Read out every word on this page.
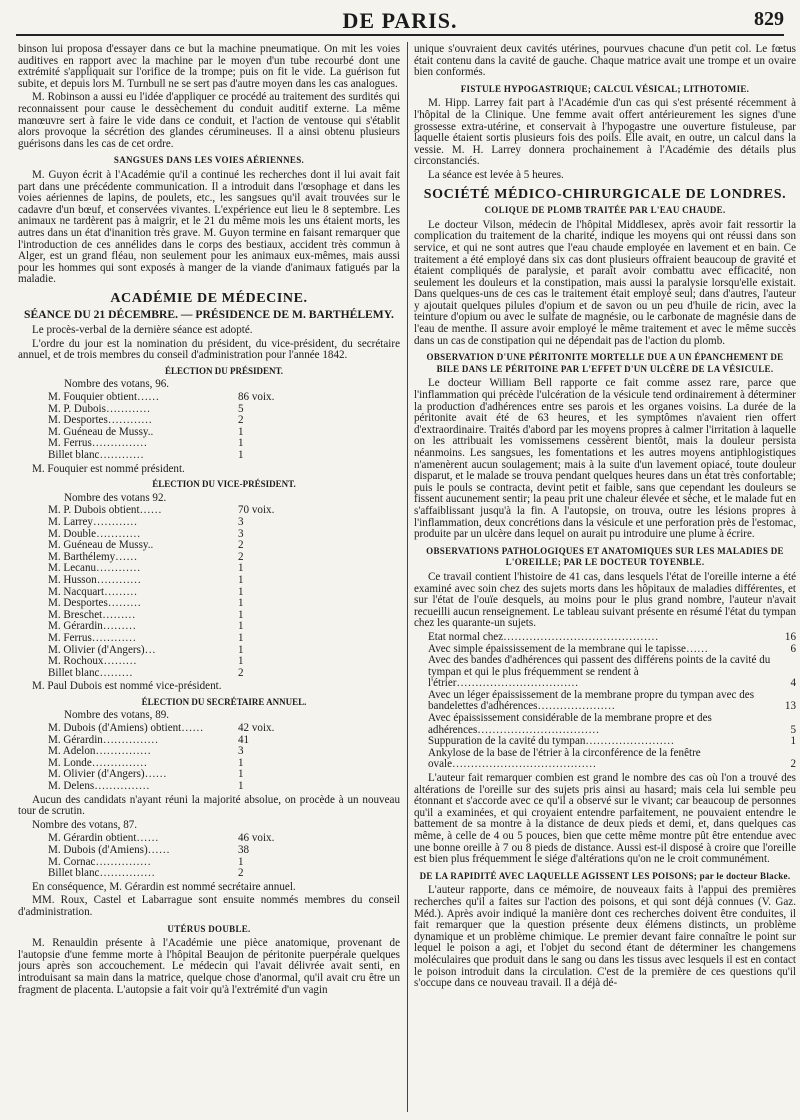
DE PARIS.	829

binson lui proposa d'essayer dans ce but la machine pneumatique. On mit les voies auditives en rapport avec la machine par le moyen d'un tube recourbé dont une extrémité s'appliquait sur l'orifice de la trompe; puis on fit le vide. La guérison fut subite, et depuis lors M. Turnbull ne se sert pas d'autre moyen dans les cas analogues.

M. Robinson a aussi eu l'idée d'appliquer ce procédé au traitement des surdités qui reconnaissent pour cause le dessèchement du conduit auditif externe. La même manœuvre sert à faire le vide dans ce conduit, et l'action de ventouse qui s'établit alors provoque la sécrétion des glandes cérumineuses. Il a ainsi obtenu plusieurs guérisons dans les cas de cet ordre.

SANGSUES DANS LES VOIES AÉRIENNES.

M. Guyon écrit à l'Académie qu'il a continué les recherches dont il lui avait fait part dans une précédente communication. Il a introduit dans l'œsophage et dans les voies aériennes de lapins, de poulets, etc., les sangsues qu'il avait trouvées sur le cadavre d'un bœuf, et conservées vivantes. L'expérience eut lieu le 8 septembre. Les animaux ne tardèrent pas à maigrir, et le 21 du même mois les uns étaient morts, les autres dans un état d'inanition très grave. M. Guyon termine en faisant remarquer que l'introduction de ces annélides dans le corps des bestiaux, accident très commun à Alger, est un grand fléau, non seulement pour les animaux eux-mêmes, mais aussi pour les hommes qui sont exposés à manger de la viande d'animaux fatigués par la maladie.

ACADÉMIE DE MÉDECINE.
SÉANCE DU 21 DÉCEMBRE. — PRÉSIDENCE DE M. BARTHÉLEMY.

Le procès-verbal de la dernière séance est adopté.

L'ordre du jour est la nomination du président, du vice-président, du secrétaire annuel, et de trois membres du conseil d'administration pour l'année 1842.

ÉLECTION DU PRÉSIDENT.
Nombre des votans, 96.
M. Fouquier obtient……	86 voix.
M. P. Dubois…………	5
M. Desportes…………	2
M. Guéneau de Mussy..	1
M. Ferrus……………	1
Billet blanc…………	1

M. Fouquier est nommé président.

ÉLECTION DU VICE-PRÉSIDENT.
Nombre des votans 92.
M. P. Dubois obtient……	70 voix.
M. Larrey…………	3
M. Double…………	3
M. Guéneau de Mussy..	2
M. Barthélemy……	2
M. Lecanu…………	1
M. Husson…………	1
M. Nacquart………	1
M. Desportes………	1
M. Breschet………	1
M. Gérardin………	1
M. Ferrus…………	1
M. Olivier (d'Angers)…	1
M. Rochoux………	1
Billet blanc………	2

M. Paul Dubois est nommé vice-président.

ÉLECTION DU SECRÉTAIRE ANNUEL.
Nombre des votans, 89.
M. Dubois (d'Amiens) obtient……	42 voix.
M. Gérardin……………	41
M. Adelon……………	3
M. Londe……………	1
M. Olivier (d'Angers)……	1
M. Delens……………	1

Aucun des candidats n'ayant réuni la majorité absolue, on procède à un nouveau tour de scrutin.

Nombre des votans, 87.

M. Gérardin obtient……	46 voix.
M. Dubois (d'Amiens)……	38
M. Cornac……………	1
Billet blanc……………	2

En conséquence, M. Gérardin est nommé secrétaire annuel.

MM. Roux, Castel et Labarrague sont ensuite nommés membres du conseil d'administration.

UTÉRUS DOUBLE.

M. Renauldin présente à l'Académie une pièce anatomique, provenant de l'autopsie d'une femme morte à l'hôpital Beaujon de péritonite puerpérale quelques jours après son accouchement. Le médecin qui l'avait délivrée avait senti, en introduisant sa main dans la matrice, quelque chose d'anormal, qu'il avait cru être un fragment de placenta. L'autopsie a fait voir qu'à l'extrémité d'un vagin

unique s'ouvraient deux cavités utérines, pourvues chacune d'un petit col. Le fœtus était contenu dans la cavité de gauche. Chaque matrice avait une trompe et un ovaire bien conformés.

FISTULE HYPOGASTRIQUE; CALCUL VÉSICAL; LITHOTOMIE.

M. Hipp. Larrey fait part à l'Académie d'un cas qui s'est présenté récemment à l'hôpital de la Clinique. Une femme avait offert antérieurement les signes d'une grossesse extra-utérine, et conservait à l'hypogastre une ouverture fistuleuse, par laquelle étaient sortis plusieurs fois des poils. Elle avait, en outre, un calcul dans la vessie. M. H. Larrey donnera prochainement à l'Académie des détails plus circonstanciés.

La séance est levée à 5 heures.

SOCIÉTÉ MÉDICO-CHIRURGICALE DE LONDRES.
COLIQUE DE PLOMB TRAITÉE PAR L'EAU CHAUDE.

Le docteur Vilson, médecin de l'hôpital Middlesex, après avoir fait ressortir la complication du traitement de la charité, indique les moyens qui ont réussi dans son service, et qui ne sont autres que l'eau chaude employée en lavement et en bain. Ce traitement a été employé dans six cas dont plusieurs offraient beaucoup de gravité et étaient compliqués de paralysie, et paraît avoir combattu avec efficacité, non seulement les douleurs et la constipation, mais aussi la paralysie lorsqu'elle existait. Dans quelques-uns de ces cas le traitement était employé seul; dans d'autres, l'auteur y ajoutait quelques pilules d'opium et de savon ou un peu d'huile de ricin, avec la teinture d'opium ou avec le sulfate de magnésie, ou le carbonate de magnésie dans de l'eau de menthe. Il assure avoir employé le même traitement et avec le même succès dans un cas de constipation qui ne dépendait pas de l'action du plomb.

OBSERVATION D'UNE PÉRITONITE MORTELLE DUE A UN ÉPANCHEMENT DE BILE DANS LE PÉRITOINE PAR L'EFFET D'UN ULCÈRE DE LA VÉSICULE.

Le docteur William Bell rapporte ce fait comme assez rare, parce que l'inflammation qui précède l'ulcération de la vésicule tend ordinairement à déterminer la production d'adhérences entre ses parois et les organes voisins. La durée de la péritonite avait été de 63 heures, et les symptômes n'avaient rien offert d'extraordinaire. Traités d'abord par les moyens propres à calmer l'irritation à laquelle on les attribuait les vomissemens cessèrent bientôt, mais la douleur persista néanmoins. Les sangsues, les fomentations et les autres moyens antiphlogistiques n'amenèrent aucun soulagement; mais à la suite d'un lavement opiacé, toute douleur disparut, et le malade se trouva pendant quelques heures dans un état très confortable; puis le pouls se contracta, devint petit et faible, sans que cependant les douleurs se fissent aucunement sentir; la peau prit une chaleur élevée et sèche, et le malade fut en s'affaiblissant jusqu'à la fin. A l'autopsie, on trouva, outre les lésions propres à l'inflammation, deux concrétions dans la vésicule et une perforation près de l'estomac, produite par un ulcère dans lequel on aurait pu introduire une plume à écrire.

OBSERVATIONS PATHOLOGIQUES ET ANATOMIQUES SUR LES MALADIES DE L'OREILLE; PAR LE DOCTEUR TOYENBLE.

Ce travail contient l'histoire de 41 cas, dans lesquels l'état de l'oreille interne a été examiné avec soin chez des sujets morts dans les hôpitaux de maladies différentes, et sur l'état de l'ouïe desquels, au moins pour le plus grand nombre, l'auteur n'avait recueilli aucun renseignement. Le tableau suivant présente en résumé l'état du tympan chez les quarante-un sujets.

Etat normal chez……………………………………	16
Avec simple épaississement de la membrane qui le tapisse……	6
Avec des bandes d'adhérences qui passent des différens points de la cavité du tympan et qui le plus fréquemment se rendent à l'étrier……………………………	4
Avec un léger épaississement de la membrane propre du tympan avec des bandelettes d'adhérences…………………	13
Avec épaississement considérable de la membrane propre et des adhérences……………………………	5
Suppuration de la cavité du tympan……………………	1
Ankylose de la base de l'étrier à la circonférence de la fenêtre ovale…………………………………	2

L'auteur fait remarquer combien est grand le nombre des cas où l'on a trouvé des altérations de l'oreille sur des sujets pris ainsi au hasard; mais cela lui semble peu étonnant et s'accorde avec ce qu'il a observé sur le vivant; car beaucoup de personnes qu'il a examinées, et qui croyaient entendre parfaitement, ne pouvaient entendre le battement de sa montre à la distance de deux pieds et demi, et, dans quelques cas même, à celle de 4 ou 5 pouces, bien que cette même montre pût être entendue avec une bonne oreille à 7 ou 8 pieds de distance. Aussi est-il disposé à croire que l'oreille est bien plus fréquemment le siége d'altérations qu'on ne le croit communément.

DE LA RAPIDITÉ AVEC LAQUELLE AGISSENT LES POISONS; par le docteur Blacke.

L'auteur rapporte, dans ce mémoire, de nouveaux faits à l'appui des premières recherches qu'il a faites sur l'action des poisons, et qui sont déjà connues (V. Gaz. Méd.). Après avoir indiqué la manière dont ces recherches doivent être conduites, il fait remarquer que la question présente deux élémens distincts, un problème dynamique et un problème chimique. Le premier devant faire connaître le point sur lequel le poison a agi, et l'objet du second étant de déterminer les changemens moléculaires que produit dans le sang ou dans les tissus avec lesquels il est en contact le poison introduit dans la circulation. C'est de la première de ces questions qu'il s'occupe dans ce nouveau travail. Il a déjà dé-
